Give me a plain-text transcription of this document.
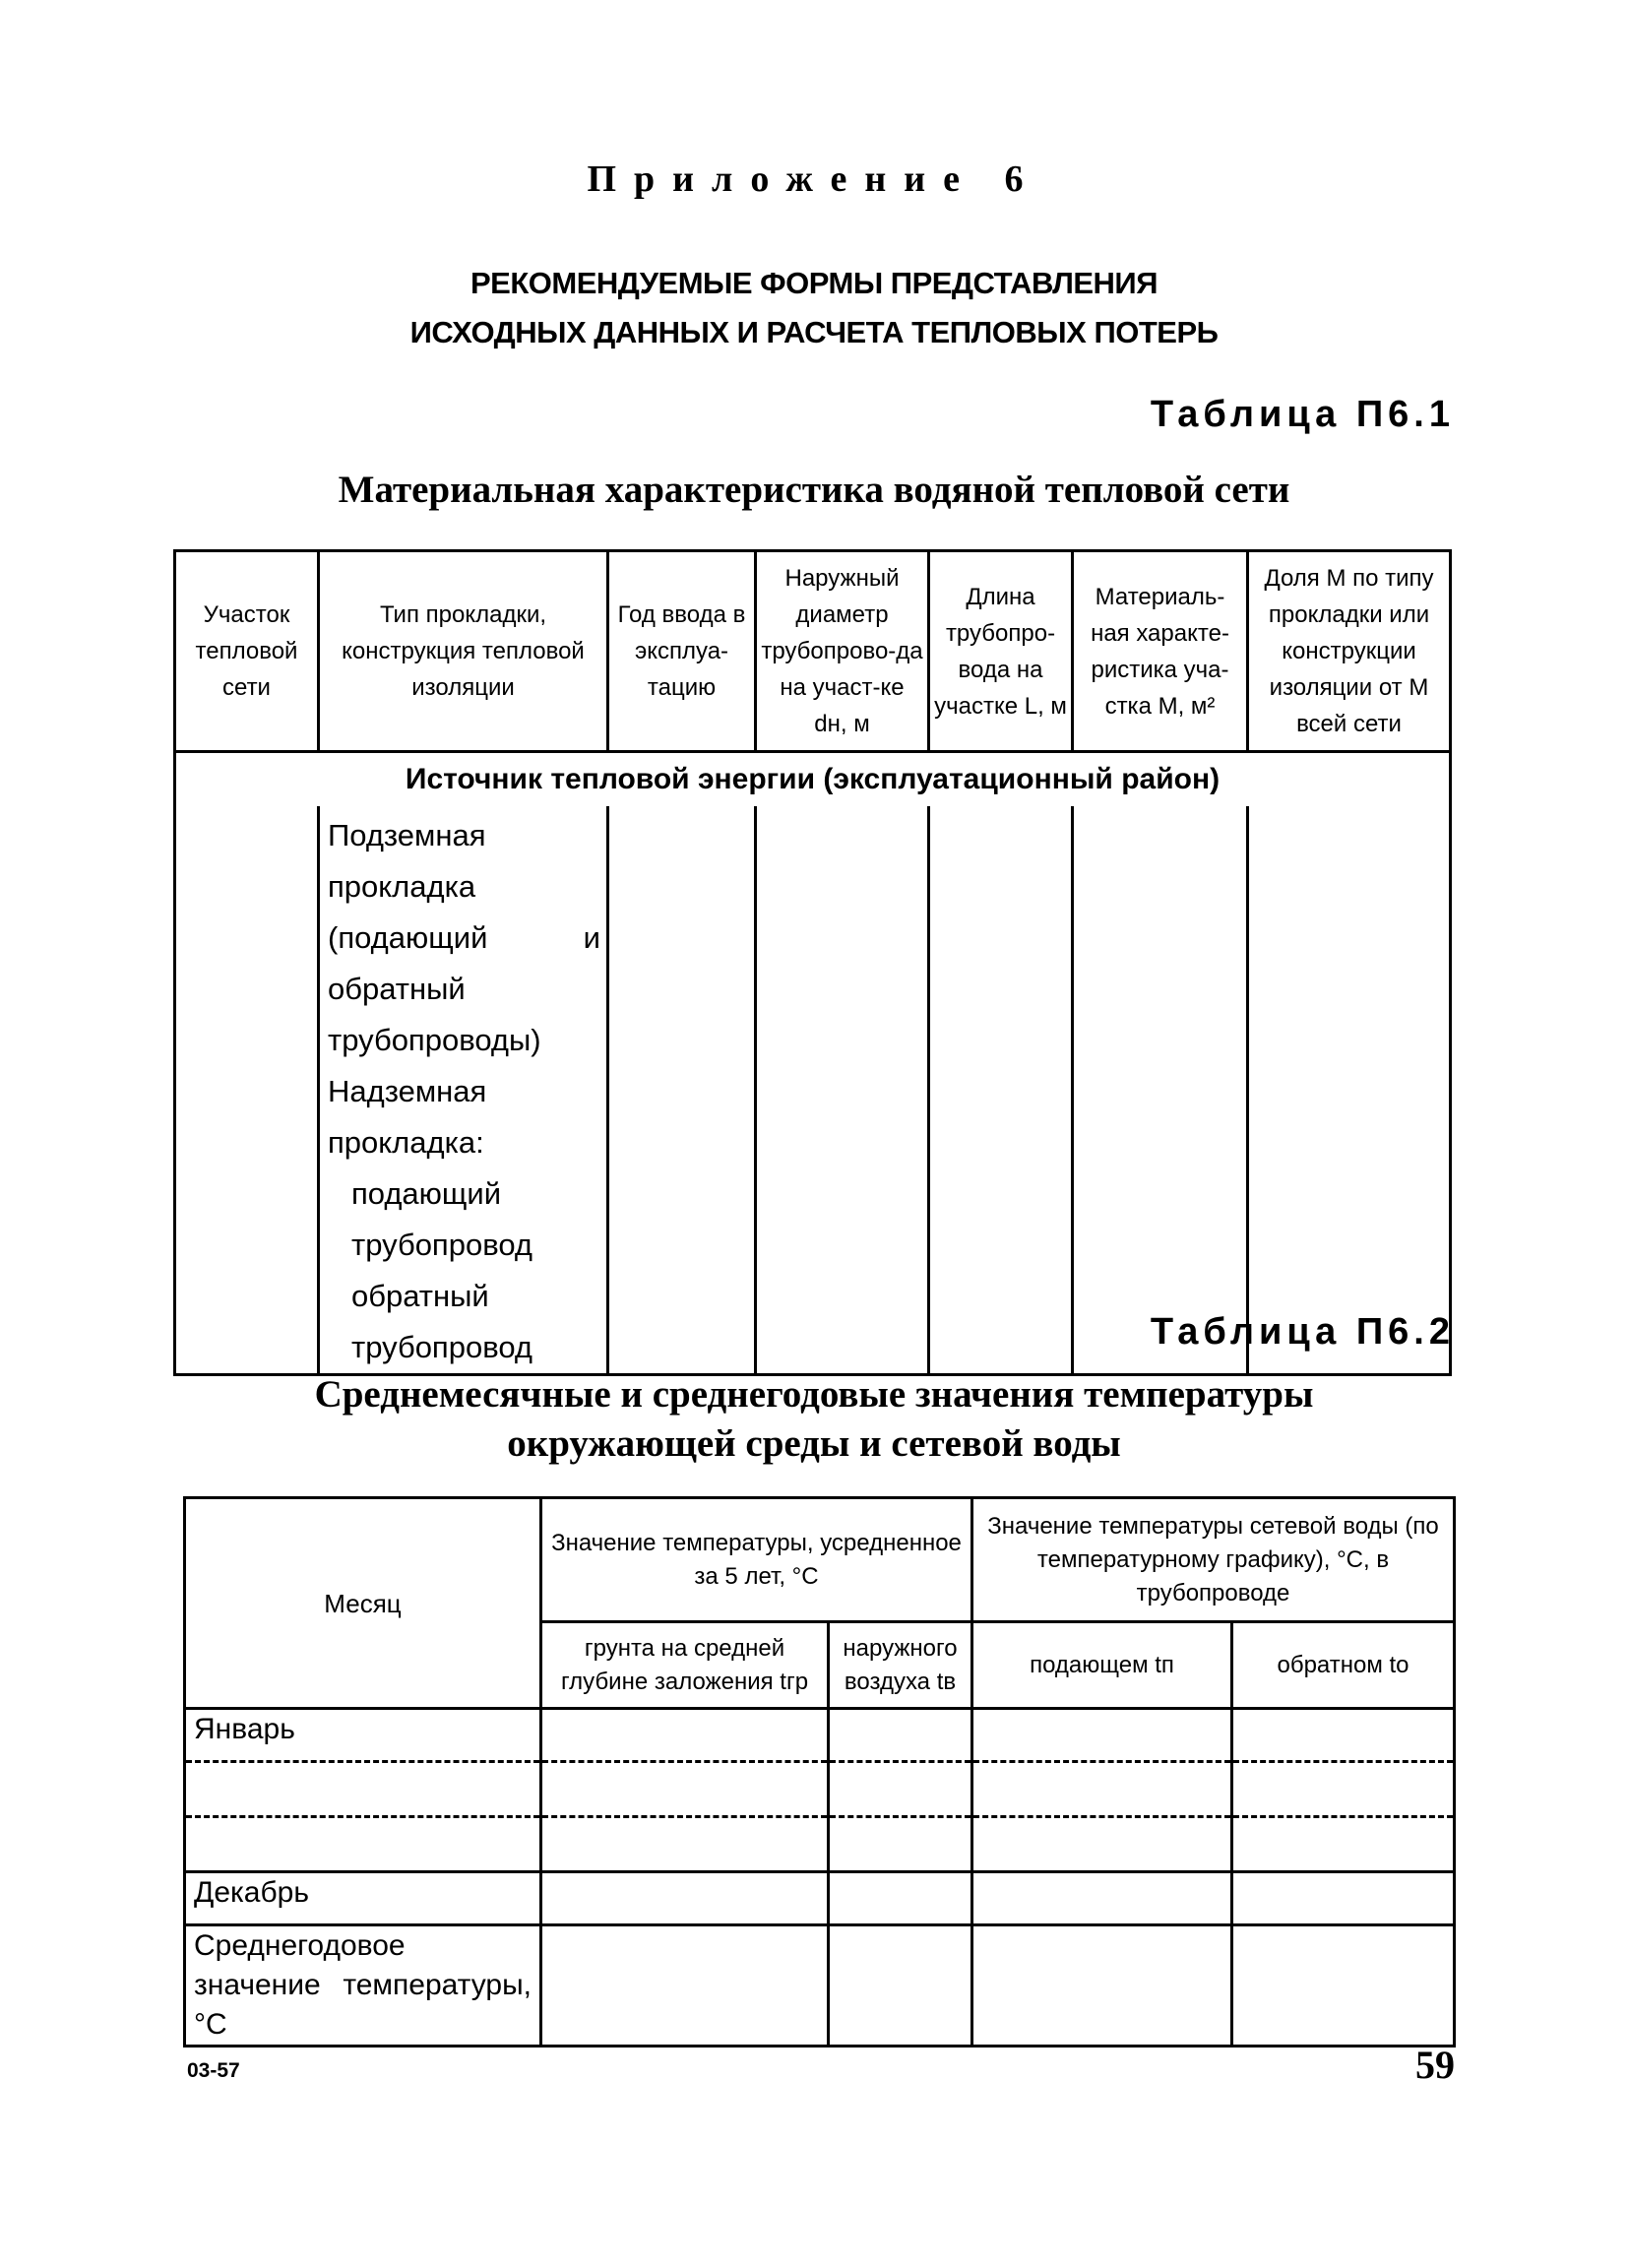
Приложение 6
РЕКОМЕНДУЕМЫЕ ФОРМЫ ПРЕДСТАВЛЕНИЯ
ИСХОДНЫХ ДАННЫХ И РАСЧЕТА ТЕПЛОВЫХ ПОТЕРЬ
Таблица П6.1
Материальная характеристика водяной тепловой сети
Участок тепловой сети	Тип прокладки, конструкция тепловой изоляции	Год ввода в эксплуа-тацию	Наружный диаметр трубопрово-да на участ-ке dн, м	Длина трубопро-вода на участке L, м	Материаль-ная характе-ристика уча-стка M, м²	Доля M по типу прокладки или конструкции изоляции от M всей сети
Источник тепловой энергии (эксплуатационный район)						

	Подземная прокладка (подающий и обратный трубопроводы)
Надземная прокладка:
подающий трубопровод
обратный трубопровод					
						Таблица П6.2
Среднемесячные и среднегодовые значения температуры
окружающей среды и сетевой воды
Месяц	Значение температуры, усредненное за 5 лет, °С		Значение температуры сетевой воды (по температурному графику), °С, в трубопроводе	
	грунта на средней глубине заложения tгр	наружного воздуха tв	подающем tп	обратном tо
Январь				

Декабрь				
Среднегодовое значение температуры, °С				
03-57	59
